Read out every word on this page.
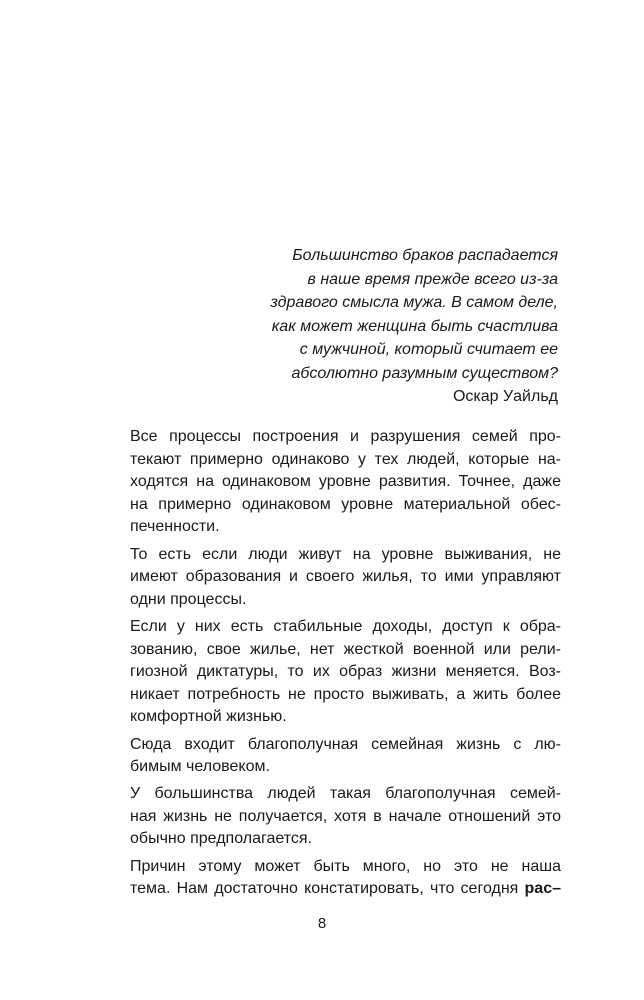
Большинство браков распадается
в наше время прежде всего из-за
здравого смысла мужа. В самом деле,
как может женщина быть счастлива
с мужчиной, который считает ее
абсолютно разумным существом?
Оскар Уайльд
Все процессы построения и разрушения семей про-
текают примерно одинаково у тех людей, которые на-
ходятся на одинаковом уровне развития. Точнее, даже
на примерно одинаковом уровне материальной обес-
печенности.
То есть если люди живут на уровне выживания, не
имеют образования и своего жилья, то ими управляют
одни процессы.
Если у них есть стабильные доходы, доступ к обра-
зованию, свое жилье, нет жесткой военной или рели-
гиозной диктатуры, то их образ жизни меняется. Воз-
никает потребность не просто выживать, а жить более
комфортной жизнью.
Сюда входит благополучная семейная жизнь с лю-
бимым человеком.
У большинства людей такая благополучная семей-
ная жизнь не получается, хотя в начале отношений это
обычно предполагается.
Причин этому может быть много, но это не наша
тема. Нам достаточно констатировать, что сегодня рас–
8
